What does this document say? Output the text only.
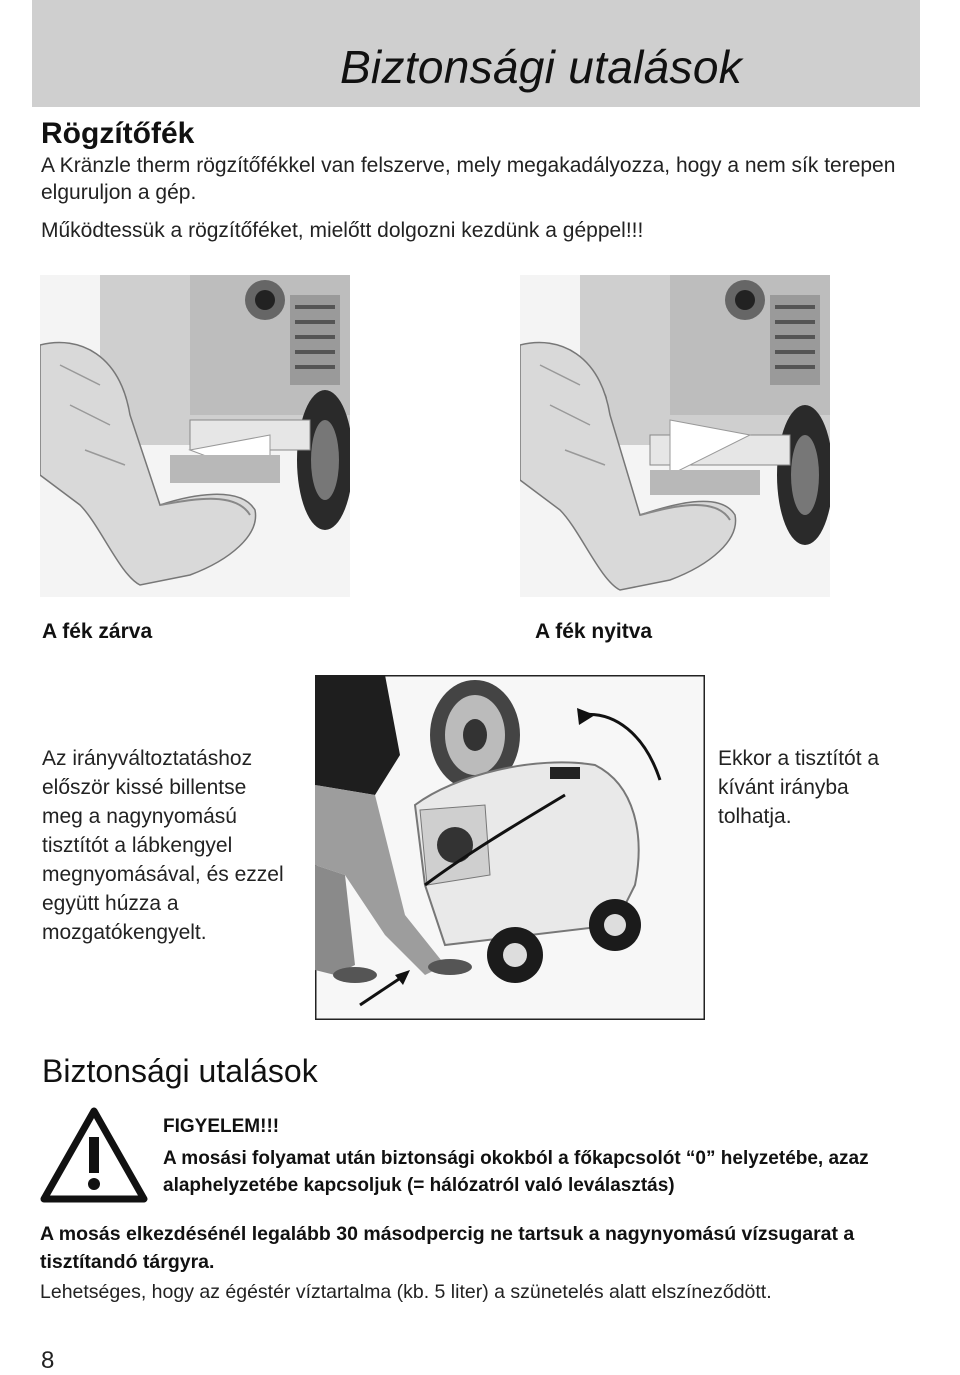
Biztonsági utalások
Rögzítőfék
A Kränzle therm rögzítőfékkel van felszerve, mely megakadályozza, hogy a nem sík terepen elguruljon a gép.
Működtessük a rögzítőféket, mielőtt dolgozni kezdünk a géppel!!!
A fék zárva	A fék nyitva
Az irányváltoztatáshoz először kissé billentse meg a nagynyomású tisztítót a lábkengyel megnyomásával, és ezzel együtt húzza a mozgatókengyelt.
Ekkor a tisztítót a kívánt irányba tolhatja.
Biztonsági utalások
FIGYELEM!!!
A mosási folyamat után biztonsági okokból a főkapcsolót “0” helyzetébe, azaz alaphelyzetébe kapcsoljuk (= hálózatról való leválasztás)
A mosás elkezdésénél legalább 30 másodpercig ne tartsuk a nagynyomású vízsugarat a tisztítandó tárgyra.
Lehetséges, hogy az égéstér víztartalma (kb. 5 liter) a szünetelés alatt elszíneződött.
8
